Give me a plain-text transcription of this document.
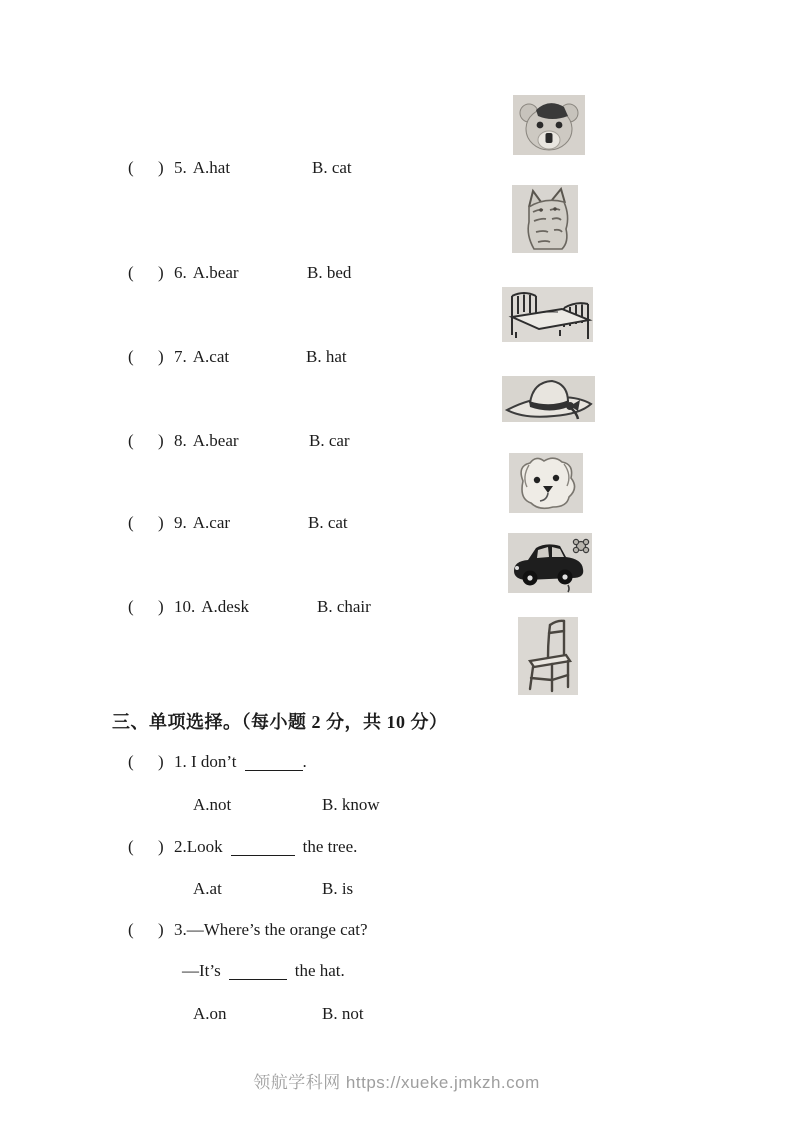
( ) 5. A.hat	B. cat
( ) 6. A.bear	B. bed
( ) 7. A.cat	B. hat
( ) 8. A.bear	B. car
( ) 9. A.car	B. cat
( ) 10. A.desk	B. chair
三、单项选择。（每小题 2 分，共 10 分）
( ) 1. I don’t	.
A.not	B. know
( ) 2.Look	the tree.
A.at	B. is
( ) 3.—Where’s the orange cat?
—It’s	the hat.
A.on	B. not
领航学科网 https://xueke.jmkzh.com
